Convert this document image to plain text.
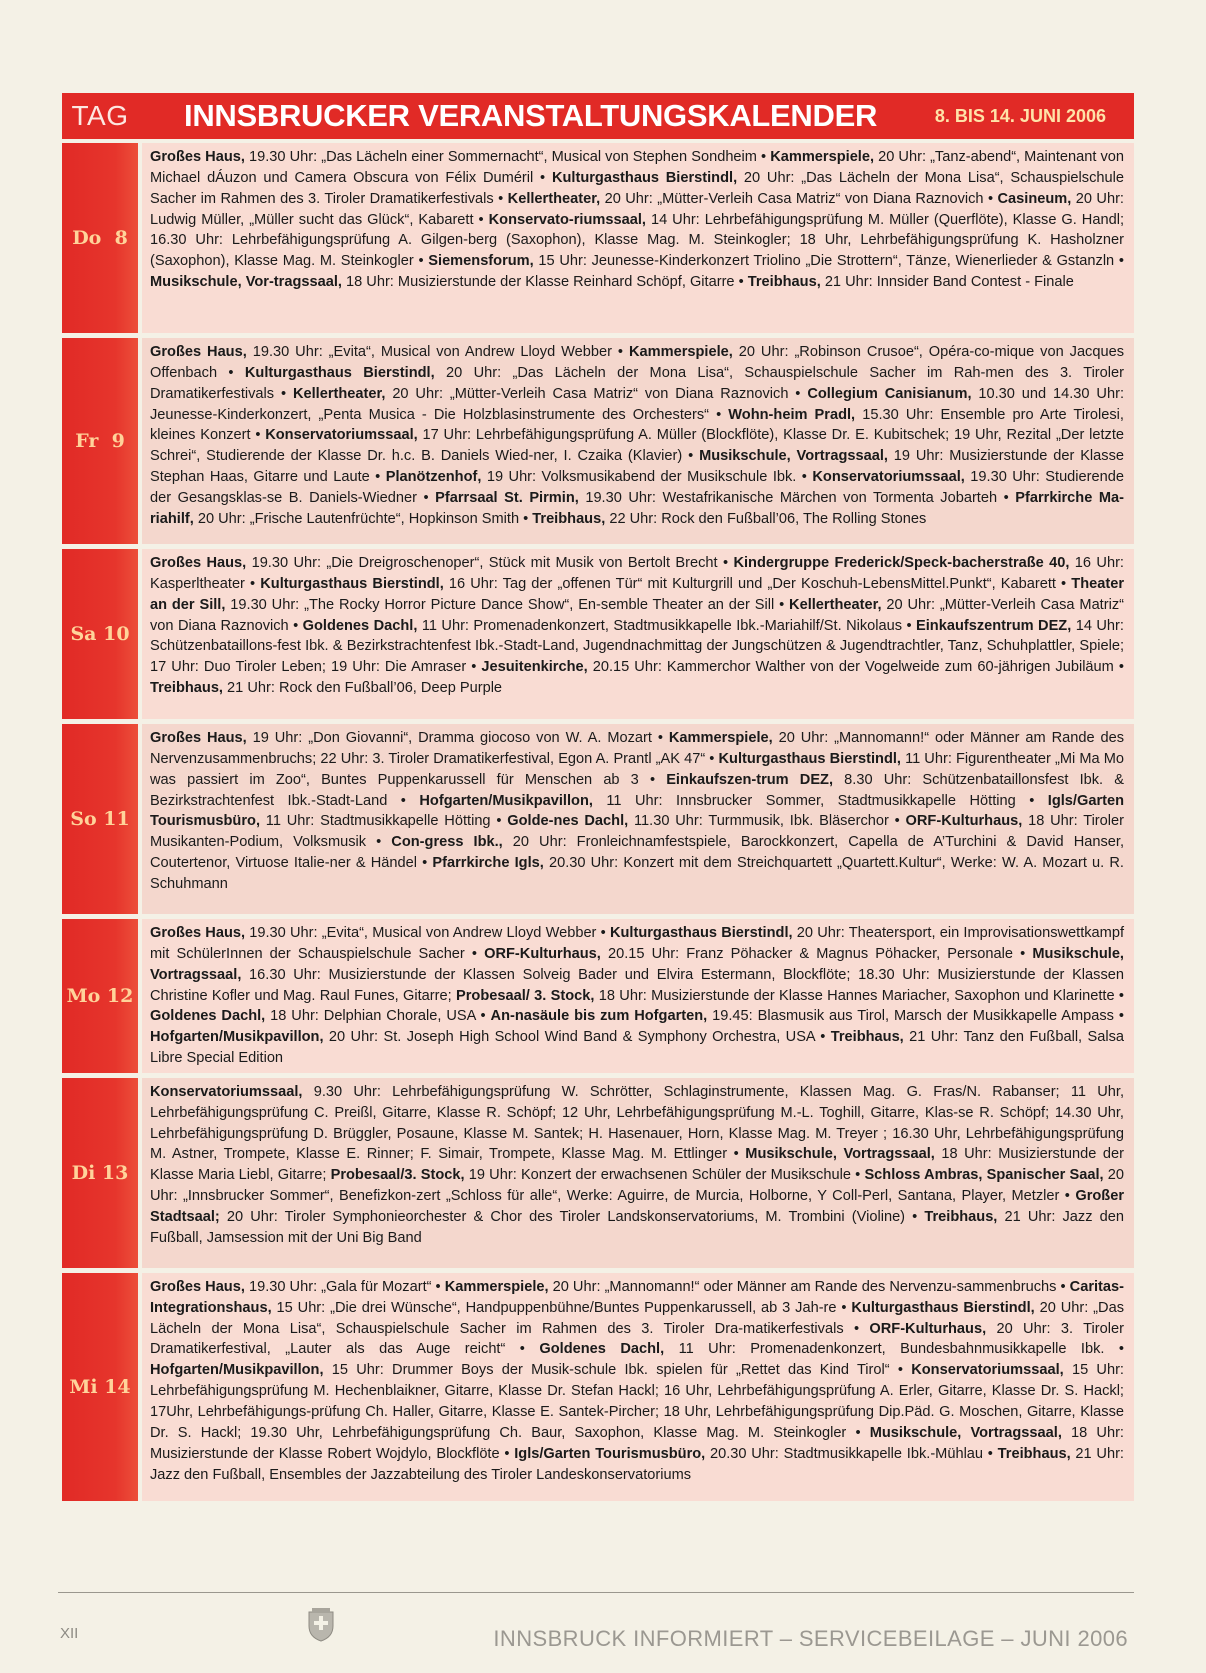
TAG	INNSBRUCKER VERANSTALTUNGSKALENDER	8. BIS 14. JUNI 2006
Do  8
Großes Haus, 19.30 Uhr: „Das Lächeln einer Sommernacht“, Musical von Stephen Sondheim • Kammerspiele, 20 Uhr: „Tanz-abend“, Maintenant von Michael dÁuzon und Camera Obscura von Félix Duméril • Kulturgasthaus Bierstindl, 20 Uhr: „Das Lächeln der Mona Lisa“, Schauspielschule Sacher im Rahmen des 3. Tiroler Dramatikerfestivals • Kellertheater, 20 Uhr: „Mütter-Verleih Casa Matriz“ von Diana Raznovich • Casineum, 20 Uhr: Ludwig Müller, „Müller sucht das Glück“, Kabarett • Konservato-riumssaal, 14 Uhr: Lehrbefähigungsprüfung M. Müller (Querflöte), Klasse G. Handl; 16.30 Uhr: Lehrbefähigungsprüfung A. Gilgen-berg (Saxophon), Klasse Mag. M. Steinkogler; 18 Uhr, Lehrbefähigungsprüfung K. Hasholzner (Saxophon), Klasse Mag. M. Steinkogler • Siemensforum, 15 Uhr: Jeunesse-Kinderkonzert Triolino „Die Strottern“, Tänze, Wienerlieder & Gstanzln • Musikschule, Vor-tragssaal, 18 Uhr: Musizierstunde der Klasse Reinhard Schöpf, Gitarre • Treibhaus, 21 Uhr: Innsider Band Contest - Finale
Fr  9
Großes Haus, 19.30 Uhr: „Evita“, Musical von Andrew Lloyd Webber • Kammerspiele, 20 Uhr: „Robinson Crusoe“, Opéra-co-mique von Jacques Offenbach • Kulturgasthaus Bierstindl, 20 Uhr: „Das Lächeln der Mona Lisa“, Schauspielschule Sacher im Rah-men des 3. Tiroler Dramatikerfestivals • Kellertheater, 20 Uhr: „Mütter-Verleih Casa Matriz“ von Diana Raznovich • Collegium Canisianum, 10.30 und 14.30 Uhr: Jeunesse-Kinderkonzert, „Penta Musica - Die Holzblasinstrumente des Orchesters“ • Wohn-heim Pradl, 15.30 Uhr: Ensemble pro Arte Tirolesi, kleines Konzert • Konservatoriumssaal, 17 Uhr: Lehrbefähigungsprüfung A. Müller (Blockflöte), Klasse Dr. E. Kubitschek; 19 Uhr, Rezital „Der letzte Schrei“, Studierende der Klasse Dr. h.c. B. Daniels Wied-ner, I. Czaika (Klavier) • Musikschule, Vortragssaal, 19 Uhr: Musizierstunde der Klasse Stephan Haas, Gitarre und Laute • Planötzenhof, 19 Uhr: Volksmusikabend der Musikschule Ibk. • Konservatoriumssaal, 19.30 Uhr: Studierende der Gesangsklas-se B. Daniels-Wiedner • Pfarrsaal St. Pirmin, 19.30 Uhr: Westafrikanische Märchen von Tormenta Jobarteh • Pfarrkirche Ma-riahilf, 20 Uhr: „Frische Lautenfrüchte“, Hopkinson Smith • Treibhaus, 22 Uhr: Rock den Fußball’06, The Rolling Stones
Sa 10
Großes Haus, 19.30 Uhr: „Die Dreigroschenoper“, Stück mit Musik von Bertolt Brecht • Kindergruppe Frederick/Speck-bacherstraße 40, 16 Uhr: Kasperltheater • Kulturgasthaus Bierstindl, 16 Uhr: Tag der „offenen Tür“ mit Kulturgrill und „Der Koschuh-LebensMittel.Punkt“, Kabarett • Theater an der Sill, 19.30 Uhr: „The Rocky Horror Picture Dance Show“, En-semble Theater an der Sill • Kellertheater, 20 Uhr: „Mütter-Verleih Casa Matriz“ von Diana Raznovich • Goldenes Dachl, 11 Uhr: Promenadenkonzert, Stadtmusikkapelle Ibk.-Mariahilf/St. Nikolaus • Einkaufszentrum DEZ, 14 Uhr: Schützenbataillons-fest Ibk. & Bezirkstrachtenfest Ibk.-Stadt-Land, Jugendnachmittag der Jungschützen & Jugendtrachtler, Tanz, Schuhplattler, Spiele; 17 Uhr: Duo Tiroler Leben; 19 Uhr: Die Amraser • Jesuitenkirche, 20.15 Uhr: Kammerchor Walther von der Vogelweide zum 60-jährigen Jubiläum • Treibhaus, 21 Uhr: Rock den Fußball’06, Deep Purple
So 11
Großes Haus, 19 Uhr: „Don Giovanni“, Dramma giocoso von W. A. Mozart • Kammerspiele, 20 Uhr: „Mannomann!“ oder Männer am Rande des Nervenzusammenbruchs; 22 Uhr: 3. Tiroler Dramatikerfestival, Egon A. Prantl „AK 47“ • Kulturgasthaus Bierstindl, 11 Uhr: Figurentheater „Mi Ma Mo was passiert im Zoo“, Buntes Puppenkarussell für Menschen ab 3 • Einkaufszen-trum DEZ, 8.30 Uhr: Schützenbataillonsfest Ibk. & Bezirkstrachtenfest Ibk.-Stadt-Land • Hofgarten/Musikpavillon, 11 Uhr: Innsbrucker Sommer, Stadtmusikkapelle Hötting • Igls/Garten Tourismusbüro, 11 Uhr: Stadtmusikkapelle Hötting • Golde-nes Dachl, 11.30 Uhr: Turmmusik, Ibk. Bläserchor • ORF-Kulturhaus, 18 Uhr: Tiroler Musikanten-Podium, Volksmusik • Con-gress Ibk., 20 Uhr: Fronleichnamfestspiele, Barockkonzert, Capella de A’Turchini & David Hanser, Coutertenor, Virtuose Italie-ner & Händel • Pfarrkirche Igls, 20.30 Uhr: Konzert mit dem Streichquartett „Quartett.Kultur“, Werke: W. A. Mozart u. R. Schuhmann
Mo 12
Großes Haus, 19.30 Uhr: „Evita“, Musical von Andrew Lloyd Webber • Kulturgasthaus Bierstindl, 20 Uhr: Theatersport, ein Improvisationswettkampf mit SchülerInnen der Schauspielschule Sacher • ORF-Kulturhaus, 20.15 Uhr: Franz Pöhacker & Magnus Pöhacker, Personale • Musikschule, Vortragssaal, 16.30 Uhr: Musizierstunde der Klassen Solveig Bader und Elvira Estermann, Blockflöte; 18.30 Uhr: Musizierstunde der Klassen Christine Kofler und Mag. Raul Funes, Gitarre; Probesaal/ 3. Stock, 18 Uhr: Musizierstunde der Klasse Hannes Mariacher, Saxophon und Klarinette • Goldenes Dachl, 18 Uhr: Delphian Chorale, USA • An-nasäule bis zum Hofgarten, 19.45: Blasmusik aus Tirol, Marsch der Musikkapelle Ampass • Hofgarten/Musikpavillon, 20 Uhr: St. Joseph High School Wind Band & Symphony Orchestra, USA • Treibhaus, 21 Uhr: Tanz den Fußball, Salsa Libre Special Edition
Di 13
Konservatoriumssaal, 9.30 Uhr: Lehrbefähigungsprüfung W. Schrötter, Schlaginstrumente, Klassen Mag. G. Fras/N. Rabanser; 11 Uhr, Lehrbefähigungsprüfung C. Preißl, Gitarre, Klasse R. Schöpf; 12 Uhr, Lehrbefähigungsprüfung M.-L. Toghill, Gitarre, Klas-se R. Schöpf; 14.30 Uhr, Lehrbefähigungsprüfung D. Brüggler, Posaune, Klasse M. Santek; H. Hasenauer, Horn, Klasse Mag. M. Treyer ; 16.30 Uhr, Lehrbefähigungsprüfung M. Astner, Trompete, Klasse E. Rinner; F. Simair, Trompete, Klasse Mag. M. Ettlinger • Musikschule, Vortragssaal, 18 Uhr: Musizierstunde der Klasse Maria Liebl, Gitarre; Probesaal/3. Stock, 19 Uhr: Konzert der erwachsenen Schüler der Musikschule • Schloss Ambras, Spanischer Saal, 20 Uhr: „Innsbrucker Sommer“, Benefizkon-zert „Schloss für alle“, Werke: Aguirre, de Murcia, Holborne, Y Coll-Perl, Santana, Player, Metzler • Großer Stadtsaal; 20 Uhr: Tiroler Symphonieorchester & Chor des Tiroler Landskonservatoriums, M. Trombini (Violine) • Treibhaus, 21 Uhr: Jazz den Fußball, Jamsession mit der Uni Big Band
Mi 14
Großes Haus, 19.30 Uhr: „Gala für Mozart“ • Kammerspiele, 20 Uhr: „Mannomann!“ oder Männer am Rande des Nervenzu-sammenbruchs • Caritas-Integrationshaus, 15 Uhr: „Die drei Wünsche“, Handpuppenbühne/Buntes Puppenkarussell, ab 3 Jah-re • Kulturgasthaus Bierstindl, 20 Uhr: „Das Lächeln der Mona Lisa“, Schauspielschule Sacher im Rahmen des 3. Tiroler Dra-matikerfestivals • ORF-Kulturhaus, 20 Uhr: 3. Tiroler Dramatikerfestival, „Lauter als das Auge reicht“ • Goldenes Dachl, 11 Uhr: Promenadenkonzert, Bundesbahnmusikkapelle Ibk. • Hofgarten/Musikpavillon, 15 Uhr: Drummer Boys der Musik-schule Ibk. spielen für „Rettet das Kind Tirol“ • Konservatoriumssaal, 15 Uhr: Lehrbefähigungsprüfung M. Hechenblaikner, Gitarre, Klasse Dr. Stefan Hackl; 16 Uhr, Lehrbefähigungsprüfung A. Erler, Gitarre, Klasse Dr. S. Hackl; 17Uhr, Lehrbefähigungs-prüfung Ch. Haller, Gitarre, Klasse E. Santek-Pircher; 18 Uhr, Lehrbefähigungsprüfung Dip.Päd. G. Moschen, Gitarre, Klasse Dr. S. Hackl; 19.30 Uhr, Lehrbefähigungsprüfung Ch. Baur, Saxophon, Klasse Mag. M. Steinkogler • Musikschule, Vortragssaal, 18 Uhr: Musizierstunde der Klasse Robert Wojdylo, Blockflöte • Igls/Garten Tourismusbüro, 20.30 Uhr: Stadtmusikkapelle Ibk.-Mühlau • Treibhaus, 21 Uhr: Jazz den Fußball, Ensembles der Jazzabteilung des Tiroler Landeskonservatoriums
XII	INNSBRUCK INFORMIERT – SERVICEBEILAGE – JUNI 2006
